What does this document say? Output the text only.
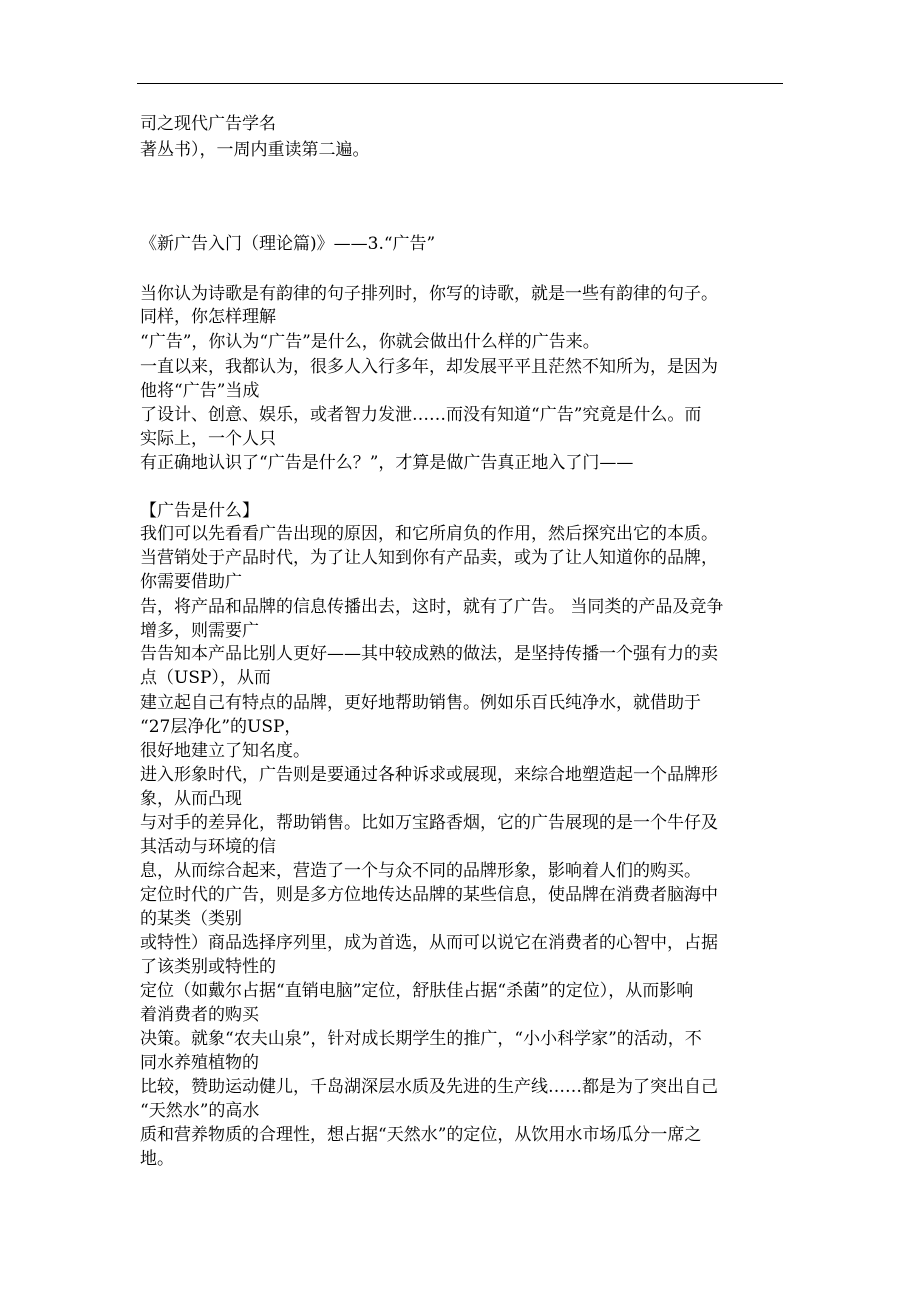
司之现代广告学名
著丛书），一周内重读第二遍。
《新广告入门（理论篇)》——3.“广告”
当你认为诗歌是有韵律的句子排列时，你写的诗歌，就是一些有韵律的句子。
同样，你怎样理解
“广告”，你认为“广告”是什么，你就会做出什么样的广告来。
一直以来，我都认为，很多人入行多年，却发展平平且茫然不知所为，是因为
他将“广告”当成
了设计、创意、娱乐，或者智力发泄……而没有知道“广告”究竟是什么。而
实际上，一个人只
有正确地认识了“广告是什么？”，才算是做广告真正地入了门——
【广告是什么】
我们可以先看看广告出现的原因，和它所肩负的作用，然后探究出它的本质。
当营销处于产品时代，为了让人知到你有产品卖，或为了让人知道你的品牌，
你需要借助广
告，将产品和品牌的信息传播出去，这时，就有了广告。 当同类的产品及竞争
增多，则需要广
告告知本产品比别人更好——其中较成熟的做法，是坚持传播一个强有力的卖
点（USP），从而
建立起自己有特点的品牌，更好地帮助销售。例如乐百氏纯净水，就借助于
“27层净化”的USP，
很好地建立了知名度。
进入形象时代，广告则是要通过各种诉求或展现，来综合地塑造起一个品牌形
象，从而凸现
与对手的差异化，帮助销售。比如万宝路香烟，它的广告展现的是一个牛仔及
其活动与环境的信
息，从而综合起来，营造了一个与众不同的品牌形象，影响着人们的购买。
定位时代的广告，则是多方位地传达品牌的某些信息，使品牌在消费者脑海中
的某类（类别
或特性）商品选择序列里，成为首选，从而可以说它在消费者的心智中，占据
了该类别或特性的
定位（如戴尔占据“直销电脑”定位，舒肤佳占据“杀菌”的定位），从而影响
着消费者的购买
决策。就象“农夫山泉”，针对成长期学生的推广，“小小科学家”的活动，不
同水养殖植物的
比较，赞助运动健儿，千岛湖深层水质及先进的生产线……都是为了突出自己
“天然水”的高水
质和营养物质的合理性，想占据“天然水”的定位，从饮用水市场瓜分一席之
地。
